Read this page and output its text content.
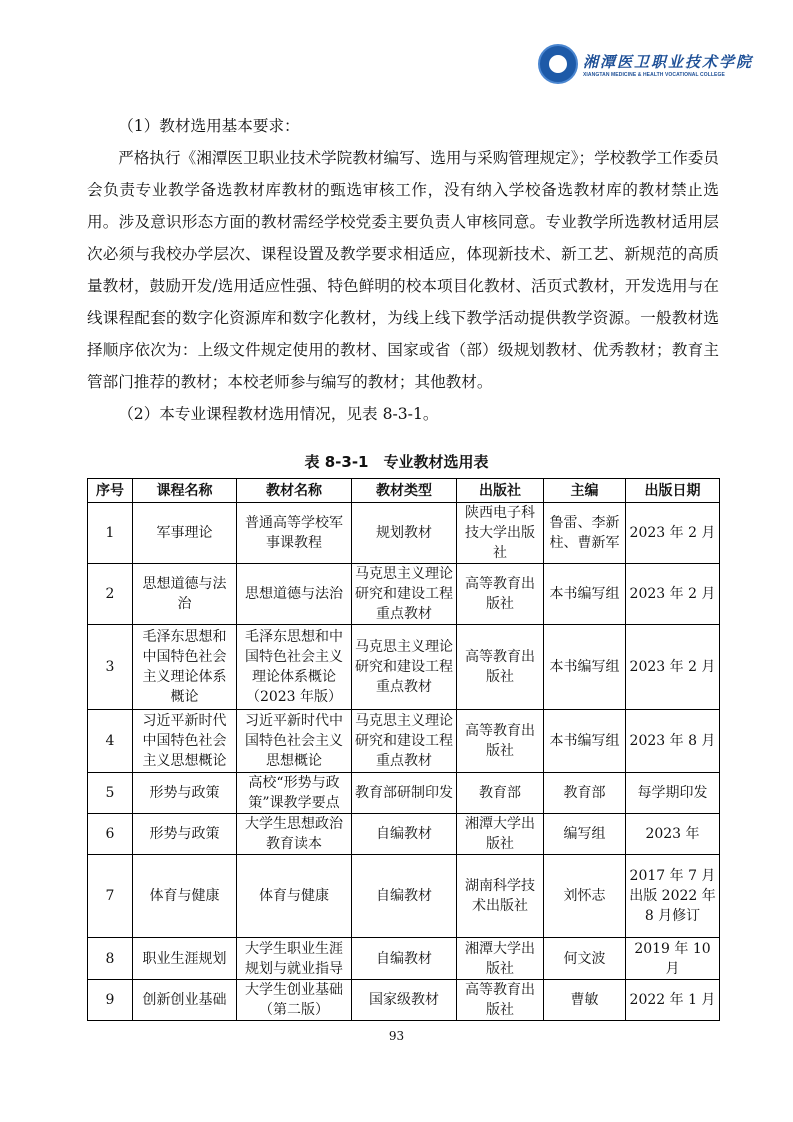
湘潭医卫职业技术学院
XIANGTAN MEDICINE & HEALTH VOCATIONAL COLLEGE

（1）教材选用基本要求：

严格执行《湘潭医卫职业技术学院教材编写、选用与采购管理规定》；学校教学工作委员会负责专业教学备选教材库教材的甄选审核工作，没有纳入学校备选教材库的教材禁止选用。涉及意识形态方面的教材需经学校党委主要负责人审核同意。专业教学所选教材适用层次必须与我校办学层次、课程设置及教学要求相适应，体现新技术、新工艺、新规范的高质量教材，鼓励开发/选用适应性强、特色鲜明的校本项目化教材、活页式教材，开发选用与在线课程配套的数字化资源库和数字化教材，为线上线下教学活动提供教学资源。一般教材选择顺序依次为：上级文件规定使用的教材、国家或省（部）级规划教材、优秀教材；教育主管部门推荐的教材；本校老师参与编写的教材；其他教材。

（2）本专业课程教材选用情况，见表 8-3-1。

表 8-3-1　专业教材选用表
序号	课程名称	教材名称	教材类型	出版社	主编	出版日期
1	军事理论	普通高等学校军事课教程	规划教材	陕西电子科技大学出版社	鲁雷、李新柱、曹新军	2023 年 2 月
2	思想道德与法治	思想道德与法治	马克思主义理论研究和建设工程重点教材	高等教育出版社	本书编写组	2023 年 2 月
3	毛泽东思想和中国特色社会主义理论体系概论	毛泽东思想和中国特色社会主义理论体系概论（2023 年版）	马克思主义理论研究和建设工程重点教材	高等教育出版社	本书编写组	2023 年 2 月
4	习近平新时代中国特色社会主义思想概论	习近平新时代中国特色社会主义思想概论	马克思主义理论研究和建设工程重点教材	高等教育出版社	本书编写组	2023 年 8 月
5	形势与政策	高校“形势与政策”课教学要点	教育部研制印发	教育部	教育部	每学期印发
6	形势与政策	大学生思想政治教育读本	自编教材	湘潭大学出版社	编写组	2023 年
7	体育与健康	体育与健康	自编教材	湖南科学技术出版社	刘怀志	2017 年 7 月出版 2022 年 8 月修订
8	职业生涯规划	大学生职业生涯规划与就业指导	自编教材	湘潭大学出版社	何文波	2019 年 10 月
9	创新创业基础	大学生创业基础（第二版）	国家级教材	高等教育出版社	曹敏	2022 年 1 月
93
